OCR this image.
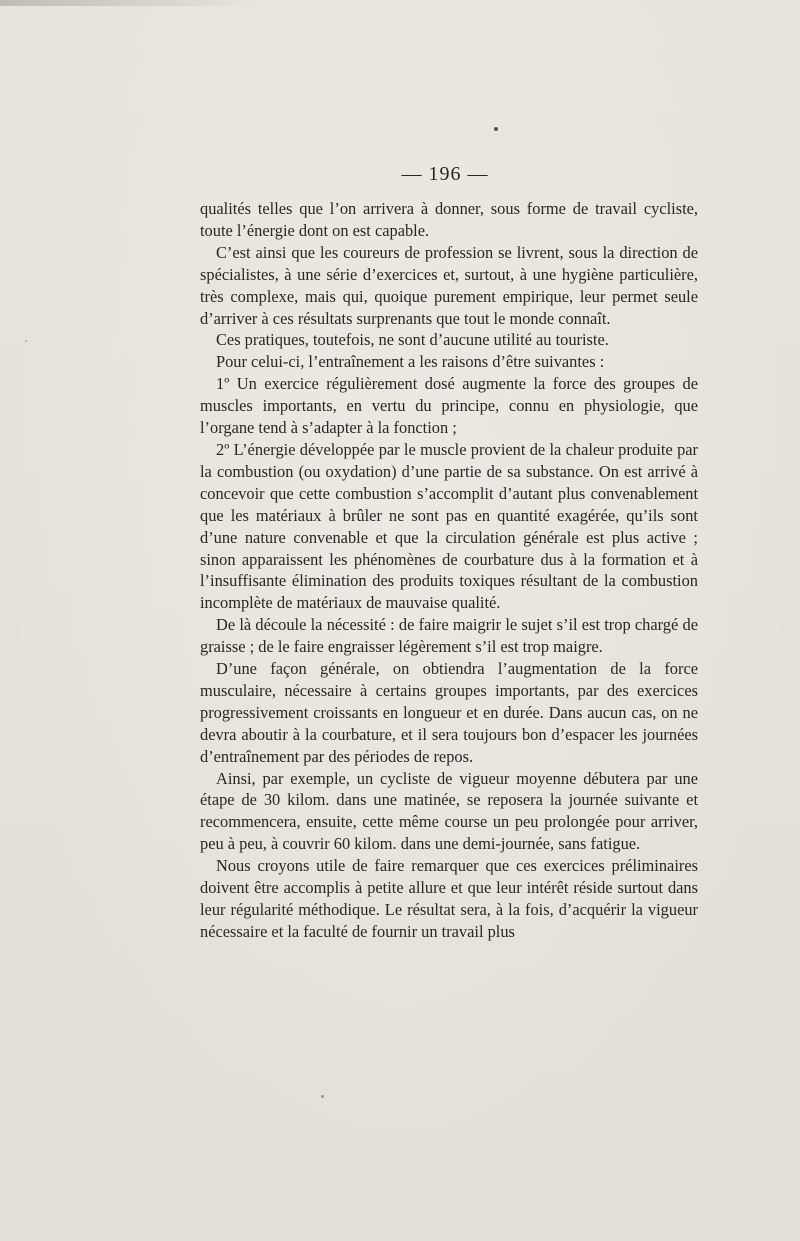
— 196 —

qualités telles que l’on arrivera à donner, sous forme de travail cycliste, toute l’énergie dont on est capable.

C’est ainsi que les coureurs de profession se livrent, sous la direction de spécialistes, à une série d’exercices et, surtout, à une hygiène particulière, très complexe, mais qui, quoique purement empirique, leur permet seule d’arriver à ces résultats surprenants que tout le monde connaît.

Ces pratiques, toutefois, ne sont d’aucune utilité au touriste.

Pour celui-ci, l’entraînement a les raisons d’être suivantes :

1º Un exercice régulièrement dosé augmente la force des groupes de muscles importants, en vertu du principe, connu en physiologie, que l’organe tend à s’adapter à la fonction ;

2º L’énergie développée par le muscle provient de la chaleur produite par la combustion (ou oxydation) d’une partie de sa substance. On est arrivé à concevoir que cette combustion s’accomplit d’autant plus convenablement que les matériaux à brûler ne sont pas en quantité exagérée, qu’ils sont d’une nature convenable et que la circulation générale est plus active ; sinon apparaissent les phénomènes de courbature dus à la formation et à l’insuffisante élimination des produits toxiques résultant de la combustion incomplète de matériaux de mauvaise qualité.

De là découle la nécessité : de faire maigrir le sujet s’il est trop chargé de graisse ; de le faire engraisser légèrement s’il est trop maigre.

D’une façon générale, on obtiendra l’augmentation de la force musculaire, nécessaire à certains groupes importants, par des exercices progressivement croissants en longueur et en durée. Dans aucun cas, on ne devra aboutir à la courbature, et il sera toujours bon d’espacer les journées d’entraînement par des périodes de repos.

Ainsi, par exemple, un cycliste de vigueur moyenne débutera par une étape de 30 kilom. dans une matinée, se reposera la journée suivante et recommencera, ensuite, cette même course un peu prolongée pour arriver, peu à peu, à couvrir 60 kilom. dans une demi-journée, sans fatigue.

Nous croyons utile de faire remarquer que ces exercices préliminaires doivent être accomplis à petite allure et que leur intérêt réside surtout dans leur régularité méthodique. Le résultat sera, à la fois, d’acquérir la vigueur nécessaire et la faculté de fournir un travail plus
